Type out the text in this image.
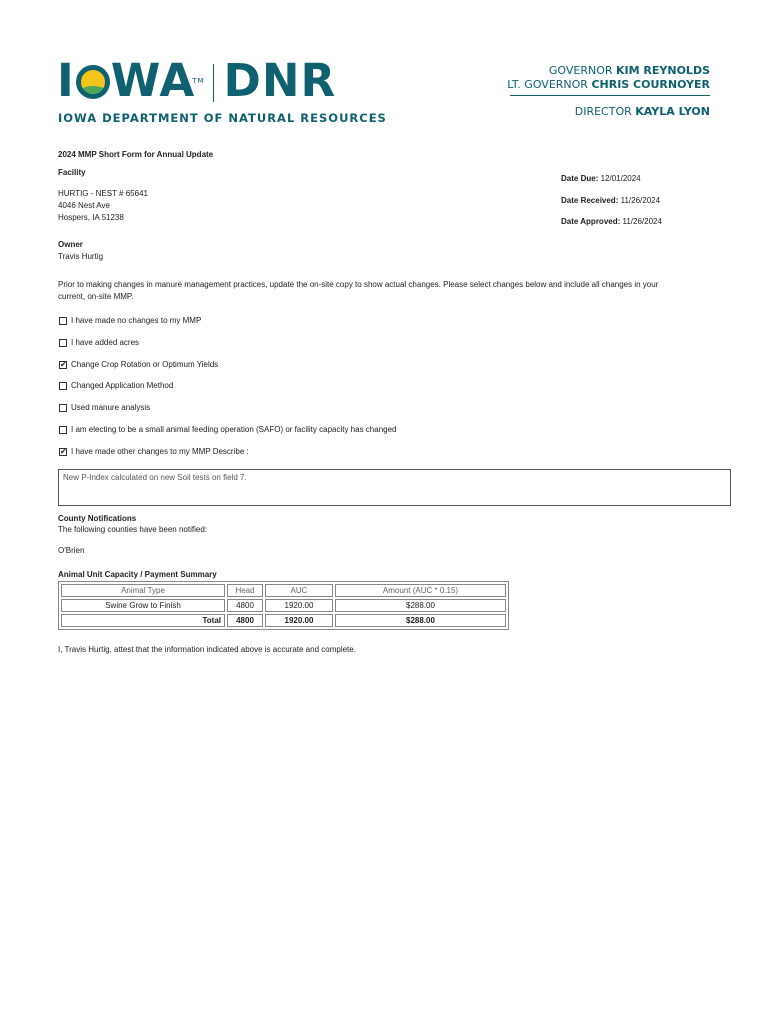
I WATM DNR
IOWA DEPARTMENT OF NATURAL RESOURCES
GOVERNOR KIM REYNOLDS
LT. GOVERNOR CHRIS COURNOYER
DIRECTOR KAYLA LYON
2024 MMP Short Form for Annual Update
Facility
HURTIG - NEST # 65641
4046 Nest Ave
Hospers, IA 51238
Date Due: 12/01/2024
Date Received: 11/26/2024
Date Approved: 11/26/2024
Owner
Travis Hurtig
Prior to making changes in manure management practices, update the on-site copy to show actual changes. Please select changes below and include all changes in your
current, on-site MMP.
I have made no changes to my MMP
I have added acres
✔ Change Crop Rotation or Optimum Yields
Changed Application Method
Used manure analysis
I am electing to be a small animal feeding operation (SAFO) or facility capacity has changed
✔ I have made other changes to my MMP Describe :
New P-Index calculated on new Soil tests on field 7.
County Notifications
The following counties have been notified:
O'Brien
Animal Unit Capacity / Payment Summary
Animal Type	Head	AUC	Amount (AUC * 0.15)
Swine Grow to Finish	4800	1920.00	$288.00
Total	4800	1920.00	$288.00
I, Travis Hurtig, attest that the information indicated above is accurate and complete.
